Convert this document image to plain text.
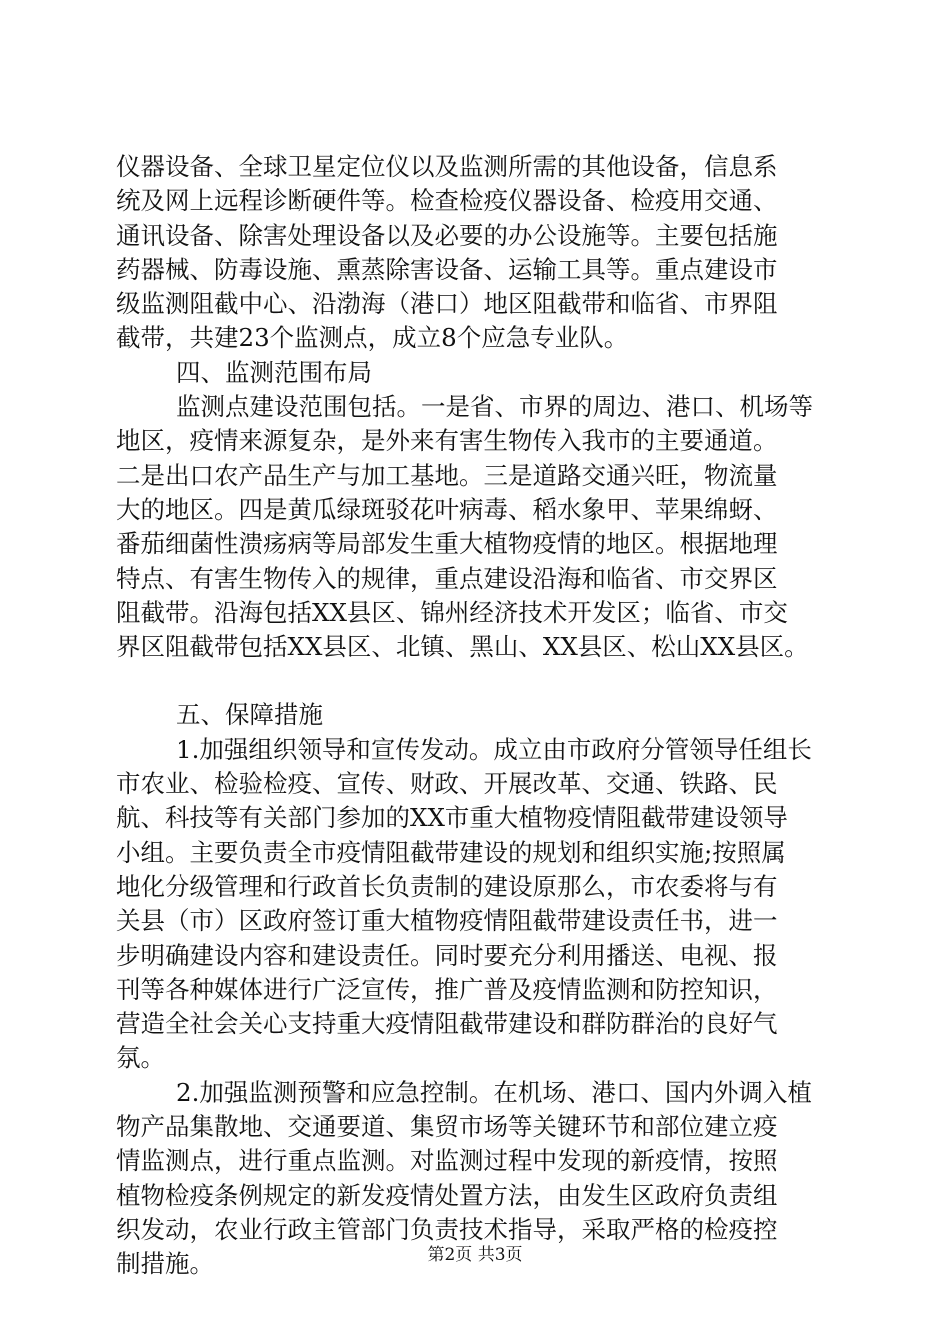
仪器设备、全球卫星定位仪以及监测所需的其他设备，信息系
统及网上远程诊断硬件等。检查检疫仪器设备、检疫用交通、
通讯设备、除害处理设备以及必要的办公设施等。主要包括施
药器械、防毒设施、熏蒸除害设备、运输工具等。重点建设市
级监测阻截中心、沿渤海（港口）地区阻截带和临省、市界阻
截带，共建23个监测点，成立8个应急专业队。
四、监测范围布局
监测点建设范围包括。一是省、市界的周边、港口、机场等
地区，疫情来源复杂，是外来有害生物传入我市的主要通道。
二是出口农产品生产与加工基地。三是道路交通兴旺，物流量
大的地区。四是黄瓜绿斑驳花叶病毒、稻水象甲、苹果绵蚜、
番茄细菌性溃疡病等局部发生重大植物疫情的地区。根据地理
特点、有害生物传入的规律，重点建设沿海和临省、市交界区
阻截带。沿海包括XX县区、锦州经济技术开发区；临省、市交
界区阻截带包括XX县区、北镇、黑山、XX县区、松山XX县区。
五、保障措施
1.加强组织领导和宣传发动。成立由市政府分管领导任组长
市农业、检验检疫、宣传、财政、开展改革、交通、铁路、民
航、科技等有关部门参加的XX市重大植物疫情阻截带建设领导
小组。主要负责全市疫情阻截带建设的规划和组织实施;按照属
地化分级管理和行政首长负责制的建设原那么，市农委将与有
关县（市）区政府签订重大植物疫情阻截带建设责任书，进一
步明确建设内容和建设责任。同时要充分利用播送、电视、报
刊等各种媒体进行广泛宣传，推广普及疫情监测和防控知识，
营造全社会关心支持重大疫情阻截带建设和群防群治的良好气
氛。
2.加强监测预警和应急控制。在机场、港口、国内外调入植
物产品集散地、交通要道、集贸市场等关键环节和部位建立疫
情监测点，进行重点监测。对监测过程中发现的新疫情，按照
植物检疫条例规定的新发疫情处置方法，由发生区政府负责组
织发动，农业行政主管部门负责技术指导，采取严格的检疫控
制措施。	第2页 共3页
